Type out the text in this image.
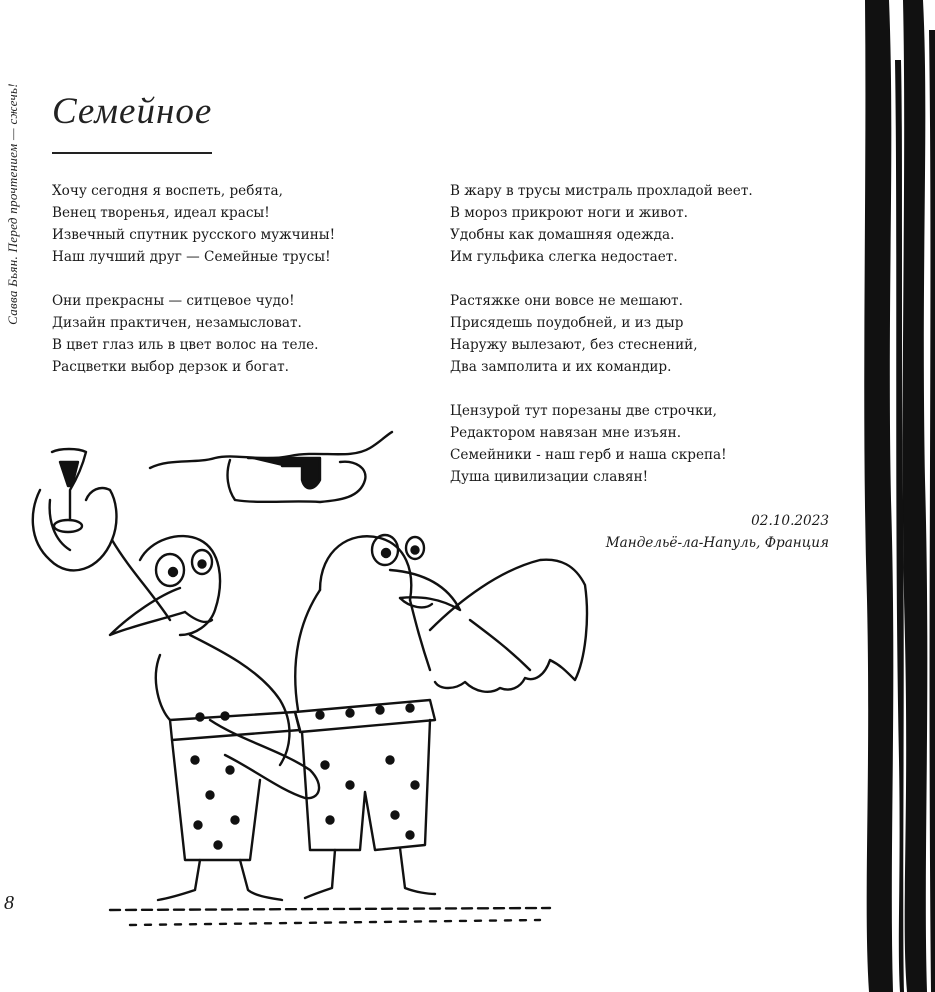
Савва Бьян. Перед прочтением — сжечь! Семейное
Хочу сегодня я воспеть, ребята,
Венец творенья, идеал красы!
Извечный спутник русского мужчины!
Наш лучший друг — Семейные трусы!
Они прекрасны — ситцевое чудо!
Дизайн практичен, незамысловат.
В цвет глаз иль в цвет волос на теле.
Расцветки выбор дерзок и богат.
В жару в трусы мистраль прохладой веет.
В мороз прикроют ноги и живот.
Удобны как домашняя одежда.
Им гульфика слегка недостает.
Растяжке они вовсе не мешают.
Присядешь поудобней, и из дыр
Наружу вылезают, без стеснений,
Два замполита и их командир.
Цензурой тут порезаны две строчки,
Редактором навязан мне изъян.
Семейники - наш герб и наша скрепа!
Душа цивилизации славян!
02.10.2023
Мандельё-ла-Напуль, Франция
8
